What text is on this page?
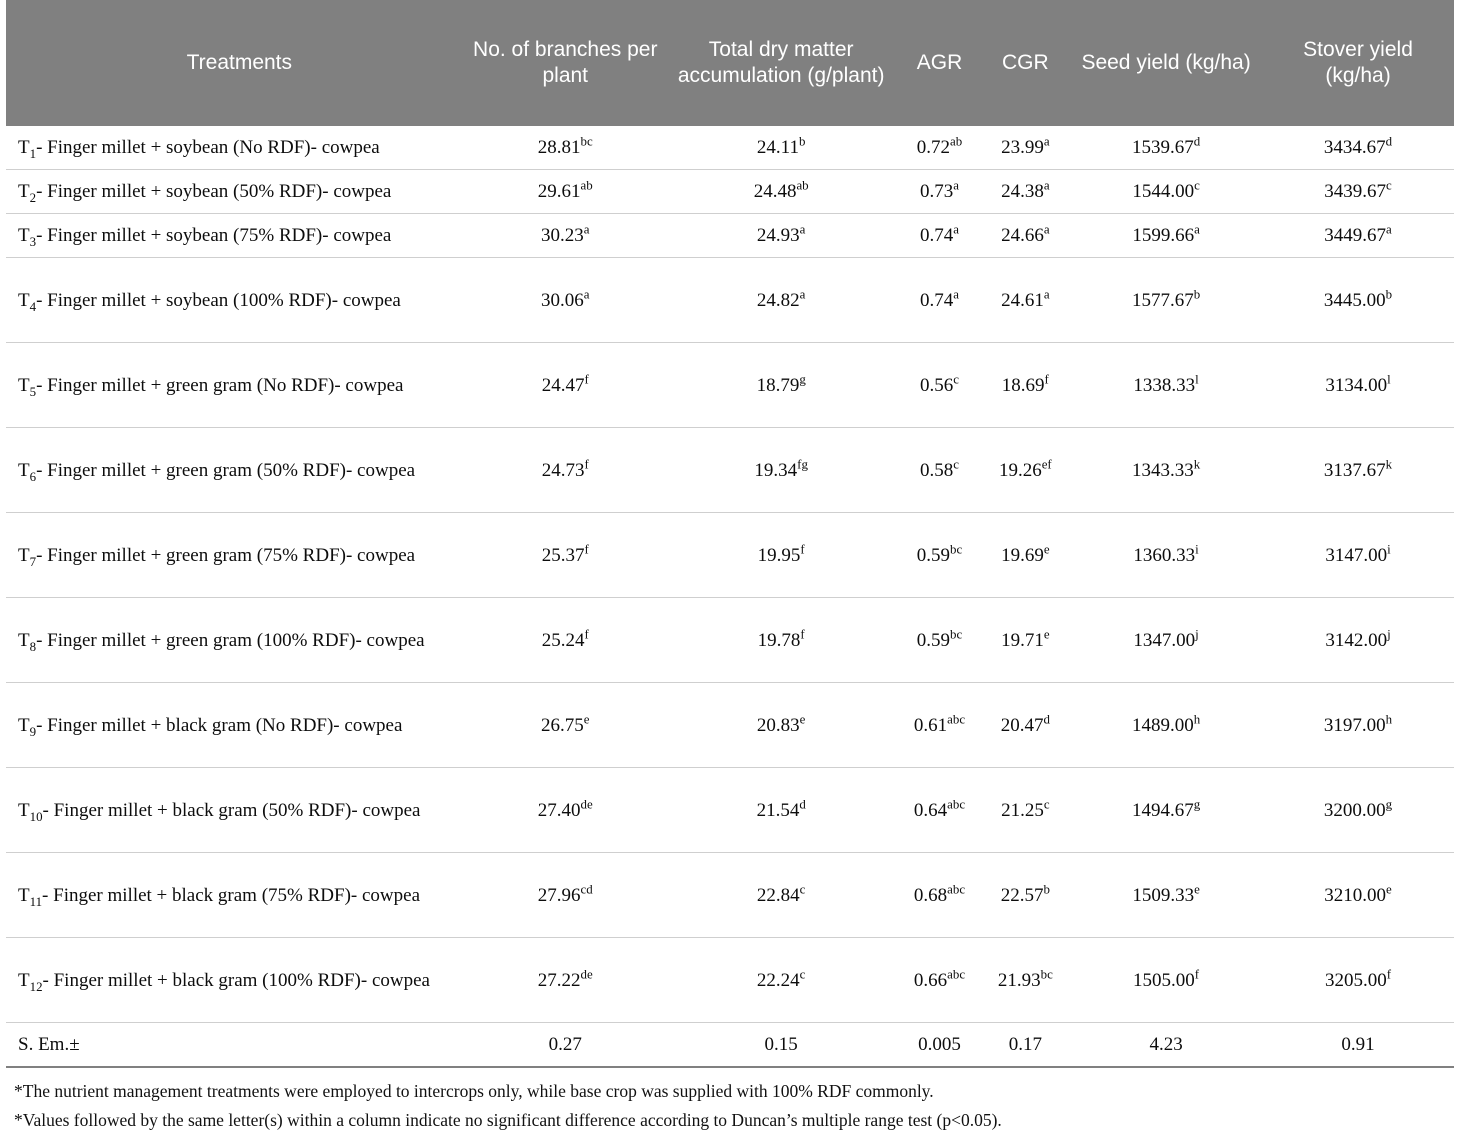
Treatments	No. of branches per plant	Total dry matter accumulation (g/plant)	AGR	CGR	Seed yield (kg/ha)	Stover yield (kg/ha)
$T_1-$ Finger millet + soybean (No RDF)- cowpea	28.81$^{bc}$	24.11$^b$	0.72$^{ab}$	23.99$^a$	1539.67$^d$	3434.67$^d$
$T_2-$ Finger millet + soybean (50% RDF)- cowpea	29.61$^{ab}$	24.48$^{ab}$	0.73$^a$	24.38$^a$	1544.00$^c$	3439.67$^c$
$T_3-$ Finger millet + soybean (75% RDF)- cowpea	30.23$^a$	24.93$^a$	0.74$^a$	24.66$^a$	1599.66$^a$	3449.67$^a$
$T_4-$ Finger millet + soybean (100% RDF)- cowpea	30.06$^a$	24.82$^a$	0.74$^a$	24.61$^a$	1577.67$^b$	3445.00$^b$
$T_5-$ Finger millet + green gram (No RDF)- cowpea	24.47$^f$	18.79$^g$	0.56$^c$	18.69$^f$	1338.33$^l$	3134.00$^l$
$T_6-$ Finger millet + green gram (50% RDF)- cowpea	24.73$^f$	19.34$^{fg}$	0.58$^c$	19.26$^{ef}$	1343.33$^k$	3137.67$^k$
$T_7-$ Finger millet + green gram (75% RDF)- cowpea	25.37$^f$	19.95$^f$	0.59$^{bc}$	19.69e	1360.33$^i$	3147.00$^i$
$T_8-$ Finger millet + green gram (100% RDF)- cowpea	25.24$^f$	19.78$^f$	0.59$^{bc}$	19.71e	1347.00$^j$	3142.00$^j$
$T_9-$ Finger millet + black gram (No RDF)- cowpea	26.75e	20.83e	0.61$^{abc}$	20.47$^d$	1489.00$^h$	3197.00$^h$
$T_{10}-$ Finger millet + black gram (50% RDF)- cowpea	27.40de	21.54$^d$	0.64$^{abc}$	21.25$^c$	1494.67$^g$	3200.00$^g$
$T_{11}-$ Finger millet + black gram (75% RDF)- cowpea	27.96$^{cd}$	22.84$^c$	0.68$^{abc}$	22.57$^b$	1509.33e	3210.00e
$T_{12}-$ Finger millet + black gram (100% RDF)- cowpea	27.22de	22.24$^c$	0.66$^{abc}$	21.93$^{bc}$	1505.00$^f$	3205.00$^f$
S. Em.±	0.27	0.15	0.005	0.17	4.23	0.91

*The nutrient management treatments were employed to intercrops only, while base crop was supplied with 100% RDF commonly.

*Values followed by the same letter(s) within a column indicate no significant difference according to Duncan’s multiple range test (p<0.05).
